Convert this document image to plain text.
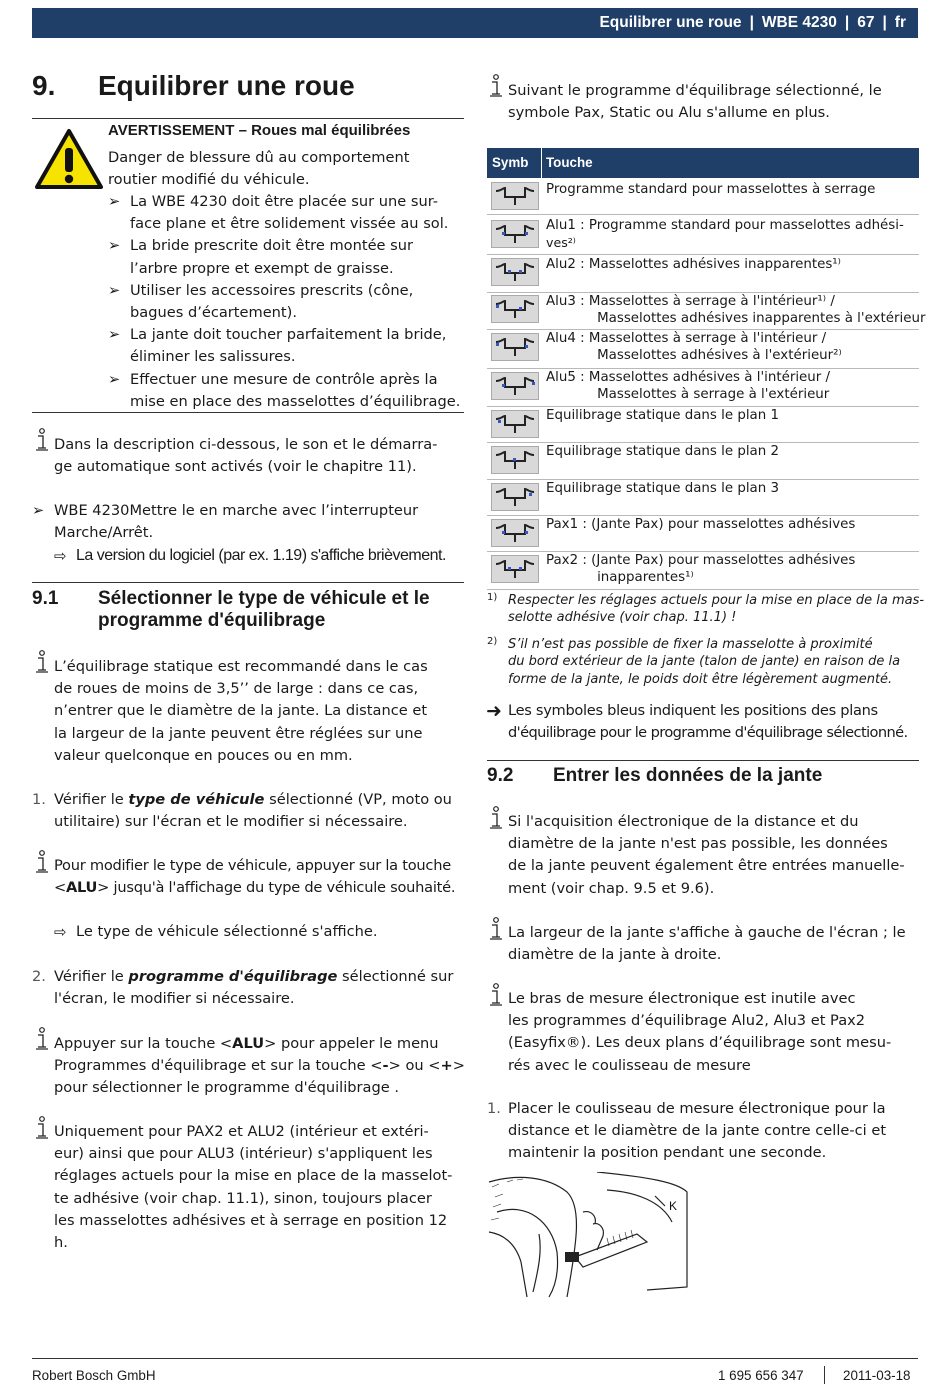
Equilibrer une roue | WBE 4230 | 67 | fr
9. Equilibrer une roue
AVERTISSEMENT – Roues mal équilibrées
Danger de blessure dû au comportement
routier modifié du véhicule.
➢ La WBE 4230 doit être placée sur une sur-
face plane et être solidement vissée au sol.
➢ La bride prescrite doit être montée sur
l’arbre propre et exempt de graisse.
➢ Utiliser les accessoires prescrits (cône,
bagues d’écartement).
➢ La jante doit toucher parfaitement la bride,
éliminer les salissures.
➢ Effectuer une mesure de contrôle après la
mise en place des masselottes d’équilibrage.
Dans la description ci-dessous, le son et le démarra-
ge automatique sont activés (voir le chapitre 11).
➢ WBE 4230Mettre le en marche avec l’interrupteur
Marche/Arrêt.
⇨ La version du logiciel (par ex. 1.19) s'affiche brièvement.
9.1 Sélectionner le type de véhicule et le
programme d'équilibrage
L’équilibrage statique est recommandé dans le cas
de roues de moins de 3,5’’ de large : dans ce cas,
n’entrer que le diamètre de la jante. La distance et
la largeur de la jante peuvent être réglées sur une
valeur quelconque en pouces ou en mm.
1. Vérifier le type de véhicule sélectionné (VP, moto ou
utilitaire) sur l'écran et le modifier si nécessaire.
Pour modifier le type de véhicule, appuyer sur la touche
<ALU> jusqu'à l'affichage du type de véhicule souhaité.
⇨ Le type de véhicule sélectionné s'affiche.
2. Vérifier le programme d'équilibrage sélectionné sur
l'écran, le modifier si nécessaire.
Appuyer sur la touche <ALU> pour appeler le menu
Programmes d'équilibrage et sur la touche <-> ou <+>
pour sélectionner le programme d'équilibrage .
Uniquement pour PAX2 et ALU2 (intérieur et extéri-
eur) ainsi que pour ALU3 (intérieur) s'appliquent les
réglages actuels pour la mise en place de la masselot-
te adhésive (voir chap. 11.1), sinon, toujours placer
les masselottes adhésives et à serrage en position 12
h.
Suivant le programme d'équilibrage sélectionné, le
symbole Pax, Static ou Alu s'allume en plus.
Symb Touche
Programme standard pour masselottes à serrage
Alu1 : Programme standard pour masselottes adhési-
ves²⁾
Alu2 : Masselottes adhésives inapparentes¹⁾
Alu3 : Masselottes à serrage à l'intérieur¹⁾ /
Masselottes adhésives inapparentes à l'extérieur
Alu4 : Masselottes à serrage à l'intérieur /
Masselottes adhésives à l'extérieur²⁾
Alu5 : Masselottes adhésives à l'intérieur /
Masselottes à serrage à l'extérieur
Equilibrage statique dans le plan 1
Equilibrage statique dans le plan 2
Equilibrage statique dans le plan 3
Pax1 : (Jante Pax) pour masselottes adhésives
Pax2 : (Jante Pax) pour masselottes adhésives
inapparentes¹⁾
1) Respecter les réglages actuels pour la mise en place de la mas-
selotte adhésive (voir chap. 11.1) !
2) S’il n’est pas possible de fixer la masselotte à proximité
du bord extérieur de la jante (talon de jante) en raison de la
forme de la jante, le poids doit être légèrement augmenté.
➜ Les symboles bleus indiquent les positions des plans
d'équilibrage pour le programme d'équilibrage sélectionné.
9.2 Entrer les données de la jante
Si l'acquisition électronique de la distance et du
diamètre de la jante n'est pas possible, les données
de la jante peuvent également être entrées manuelle-
ment (voir chap. 9.5 et 9.6).
La largeur de la jante s'affiche à gauche de l'écran ; le
diamètre de la jante à droite.
Le bras de mesure électronique est inutile avec
les programmes d’équilibrage Alu2, Alu3 et Pax2
(Easyfix®). Les deux plans d’équilibrage sont mesu-
rés avec le coulisseau de mesure
1. Placer le coulisseau de mesure électronique pour la
distance et le diamètre de la jante contre celle-ci et
maintenir la position pendant une seconde.
K
Robert Bosch GmbH	1 695 656 347	2011-03-18
